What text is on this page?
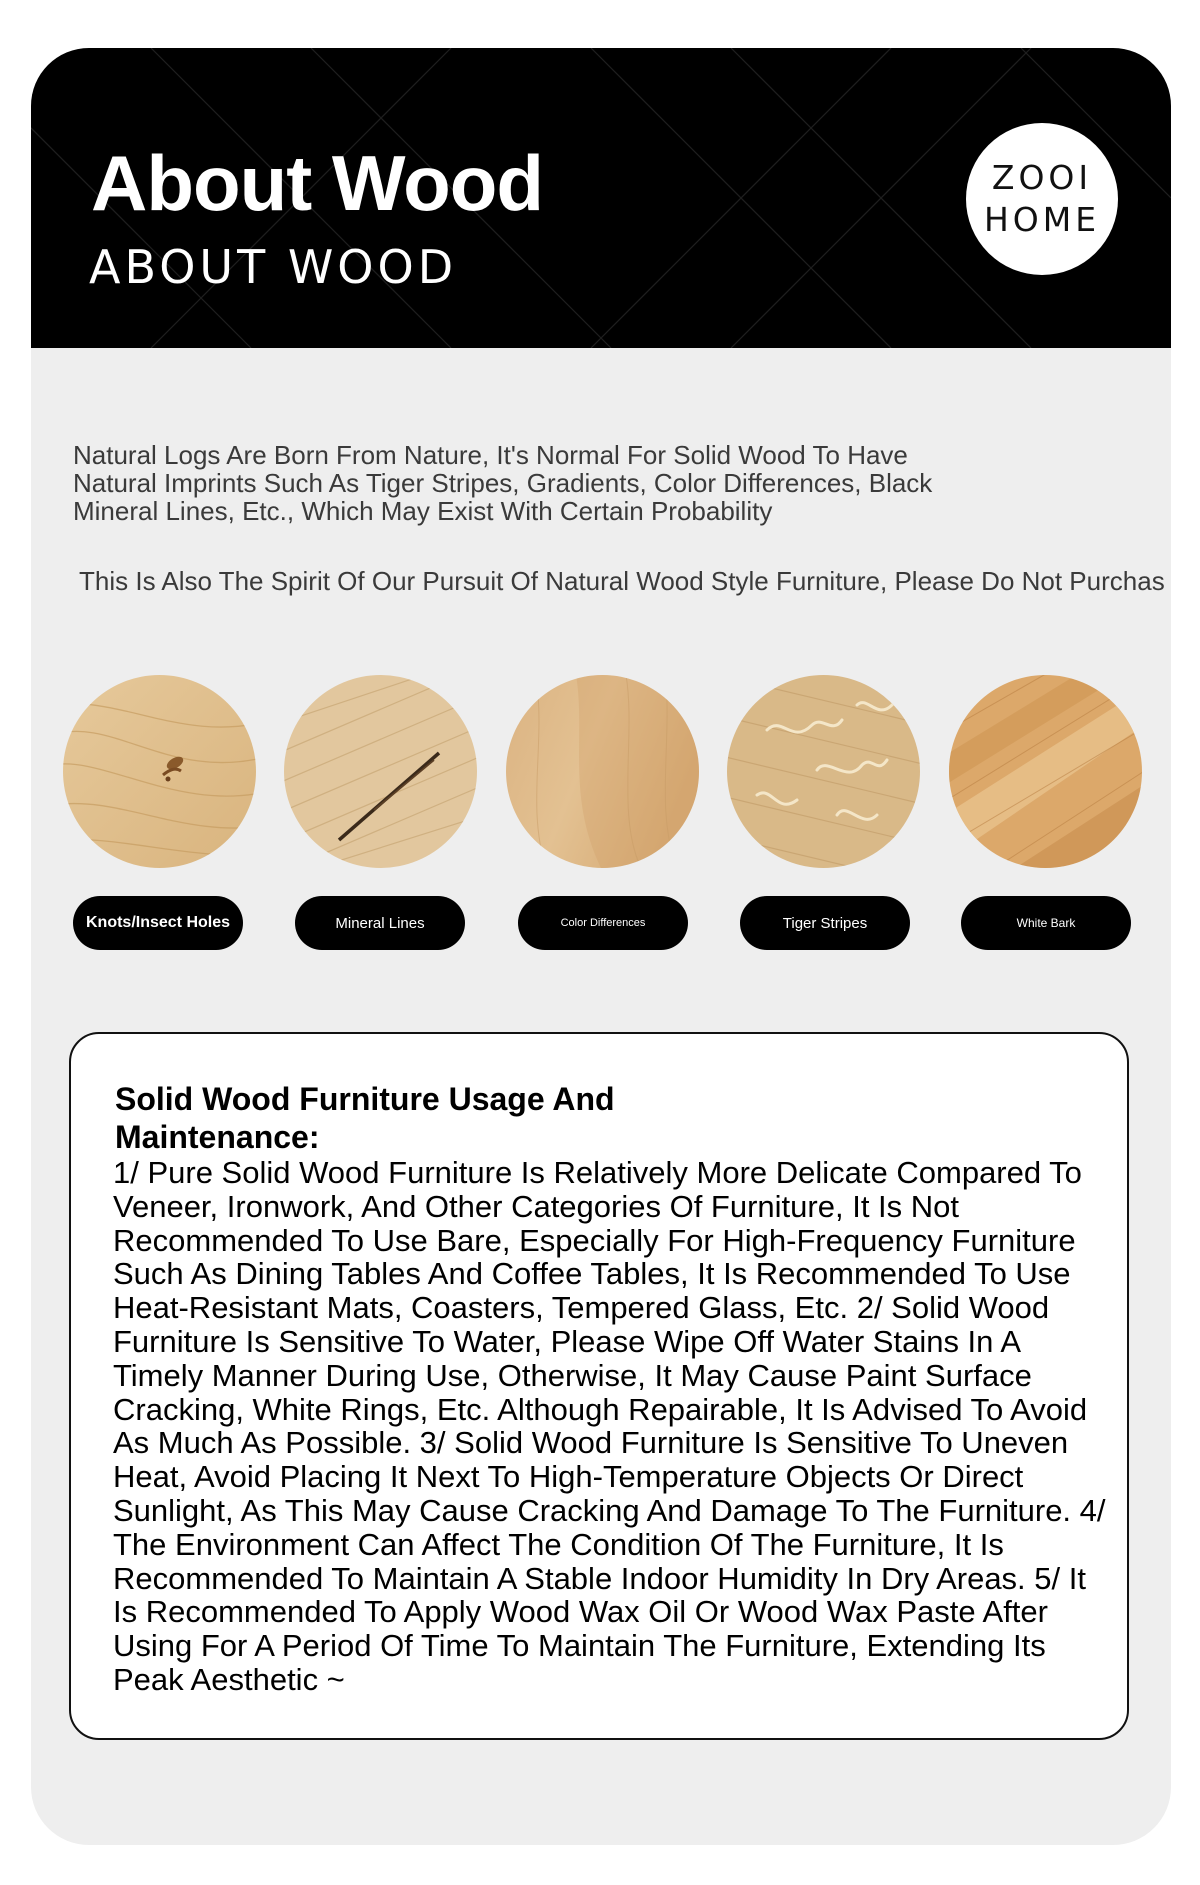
About Wood
ABOUT WOOD
ZOOI
HOME
Natural Logs Are Born From Nature, It's Normal For Solid Wood To Have Natural Imprints Such As Tiger Stripes, Gradients, Color Differences, Black Mineral Lines, Etc., Which May Exist With Certain Probability
This Is Also The Spirit Of Our Pursuit Of Natural Wood Style Furniture, Please Do Not Purchas
Knots/Insect Holes	Mineral Lines	Color Differences	Tiger Stripes	White Bark
Solid Wood Furniture Usage And Maintenance:
1/ Pure Solid Wood Furniture Is Relatively More Delicate Compared To Veneer, Ironwork, And Other Categories Of Furniture, It Is Not Recommended To Use Bare, Especially For High-Frequency Furniture Such As Dining Tables And Coffee Tables, It Is Recommended To Use Heat-Resistant Mats, Coasters, Tempered Glass, Etc. 2/ Solid Wood Furniture Is Sensitive To Water, Please Wipe Off Water Stains In A Timely Manner During Use, Otherwise, It May Cause Paint Surface Cracking, White Rings, Etc. Although Repairable, It Is Advised To Avoid As Much As Possible. 3/ Solid Wood Furniture Is Sensitive To Uneven Heat, Avoid Placing It Next To High-Temperature Objects Or Direct Sunlight, As This May Cause Cracking And Damage To The Furniture. 4/ The Environment Can Affect The Condition Of The Furniture, It Is Recommended To Maintain A Stable Indoor Humidity In Dry Areas. 5/ It Is Recommended To Apply Wood Wax Oil Or Wood Wax Paste After Using For A Period Of Time To Maintain The Furniture, Extending Its Peak Aesthetic ~
